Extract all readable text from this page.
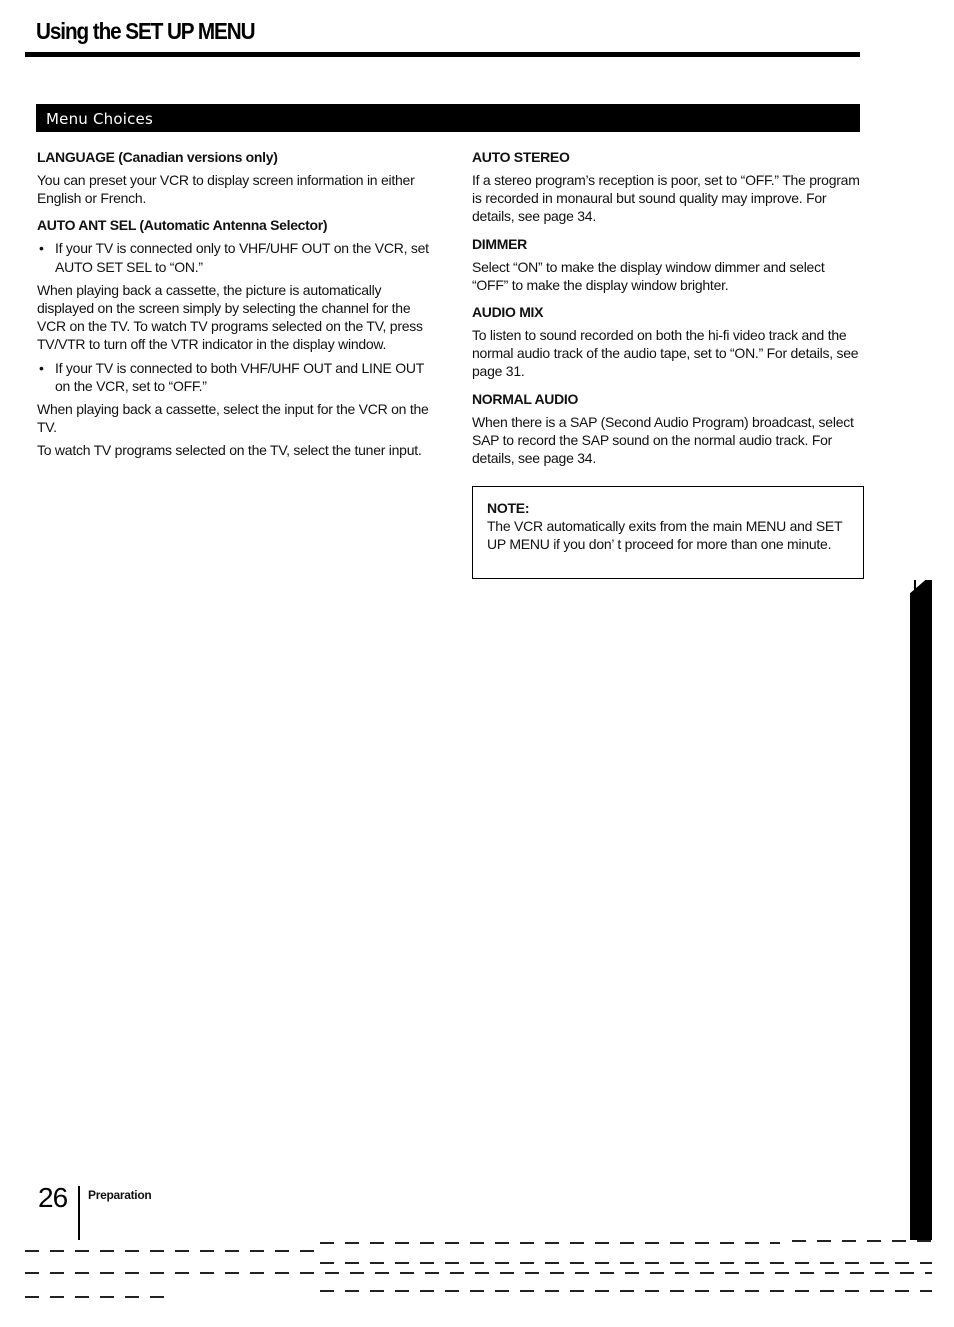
Using the SET UP MENU
Menu Choices
LANGUAGE (Canadian versions only)

You can preset your VCR to display screen information in either English or French.

AUTO ANT SEL (Automatic Antenna Selector)
• If your TV is connected only to VHF/UHF OUT on the VCR, set AUTO SET SEL to “ON.”

When playing back a cassette, the picture is automatically displayed on the screen simply by selecting the channel for the VCR on the TV. To watch TV programs selected on the TV, press TV/VTR to turn off the VTR indicator in the display window.

• If your TV is connected to both VHF/UHF OUT and LINE OUT on the VCR, set to “OFF.”

When playing back a cassette, select the input for the VCR on the TV.

To watch TV programs selected on the TV, select the tuner input.

AUTO STEREO

If a stereo program’s reception is poor, set to “OFF.” The program is recorded in monaural but sound quality may improve. For details, see page 34.

DIMMER

Select “ON” to make the display window dimmer and select “OFF” to make the display window brighter.

AUDIO MIX

To listen to sound recorded on both the hi-fi video track and the normal audio track of the audio tape, set to “ON.” For details, see page 31.

NORMAL AUDIO

When there is a SAP (Second Audio Program) broadcast, select SAP to record the SAP sound on the normal audio track. For details, see page 34.

NOTE:

The VCR automatically exits from the main MENU and SET UP MENU if you don’ t proceed for more than one minute.

26 Preparation
